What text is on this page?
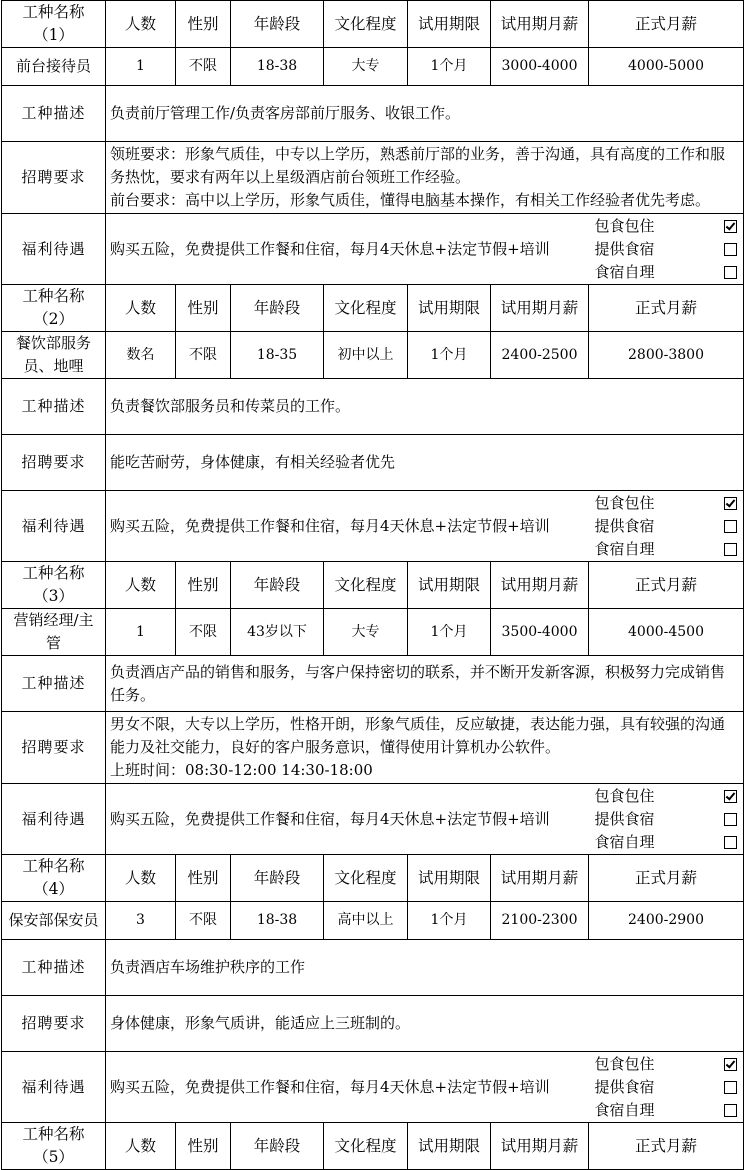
工种名称（1）	人数	性别	年龄段	文化程度	试用期限	试用期月薪	正式月薪
前台接待员	1	不限	18-38	大专	1个月	3000-4000	4000-5000
工种描述	负责前厅管理工作/负责客房部前厅服务、收银工作。						
招聘要求	领班要求：形象气质佳，中专以上学历，熟悉前厅部的业务，善于沟通，具有高度的工作和服务热忱，要求有两年以上星级酒店前台领班工作经验。
前台要求：高中以上学历，形象气质佳，懂得电脑基本操作，有相关工作经验者优先考虑。						

福利待遇	购买五险，免费提供工作餐和住宿，每月4天休息+法定节假+培训						包食包住
提供食宿
食宿自理

工种名称（2）	人数	性别	年龄段	文化程度	试用期限	试用期月薪	正式月薪
餐饮部服务员、地哩	数名	不限	18-35	初中以上	1个月	2400-2500	2800-3800
工种描述	负责餐饮部服务员和传菜员的工作。						
招聘要求	能吃苦耐劳，身体健康，有相关经验者优先						

福利待遇	购买五险，免费提供工作餐和住宿，每月4天休息+法定节假+培训						包食包住
提供食宿
食宿自理

工种名称（3）	人数	性别	年龄段	文化程度	试用期限	试用期月薪	正式月薪
营销经理/主管	1	不限	43岁以下	大专	1个月	3500-4000	4000-4500
工种描述	负责酒店产品的销售和服务，与客户保持密切的联系，并不断开发新客源，积极努力完成销售任务。						
招聘要求	男女不限，大专以上学历，性格开朗，形象气质佳，反应敏捷，表达能力强，具有较强的沟通能力及社交能力，良好的客户服务意识，懂得使用计算机办公软件。
上班时间：08:30-12:00 14:30-18:00						

福利待遇	购买五险，免费提供工作餐和住宿，每月4天休息+法定节假+培训						包食包住
提供食宿
食宿自理

工种名称（4）	人数	性别	年龄段	文化程度	试用期限	试用期月薪	正式月薪
保安部保安员	3	不限	18-38	高中以上	1个月	2100-2300	2400-2900
工种描述	负责酒店车场维护秩序的工作						
招聘要求	身体健康，形象气质讲，能适应上三班制的。						

福利待遇	购买五险，免费提供工作餐和住宿，每月4天休息+法定节假+培训						包食包住
提供食宿
食宿自理

工种名称（5）	人数	性别	年龄段	文化程度	试用期限	试用期月薪	正式月薪
